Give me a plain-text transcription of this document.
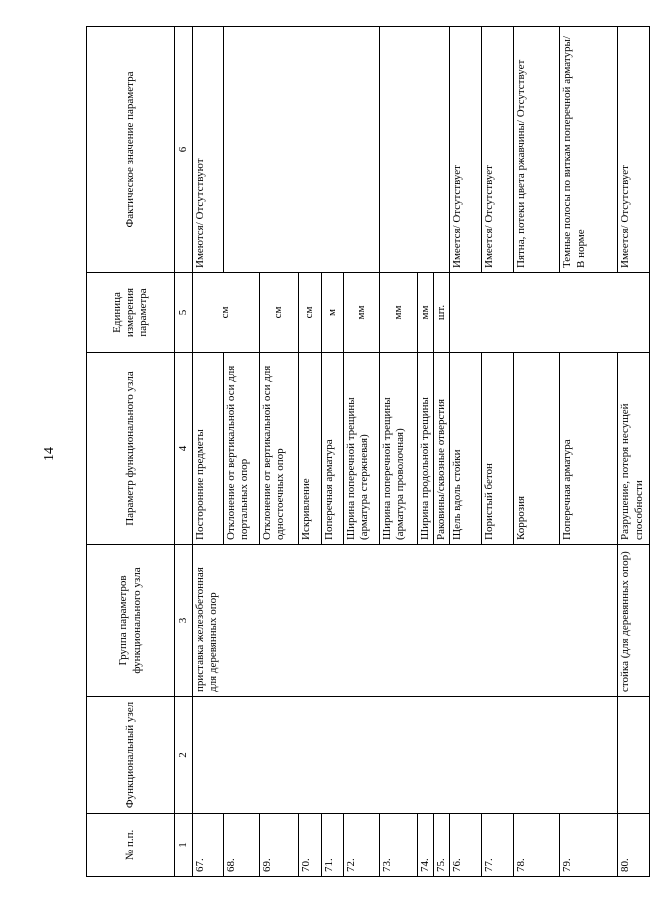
14
№ п.п.	Функциональный узел	Группа параметров функционального узла	Параметр функционального узла	Единица измерения параметра	Фактическое значение параметра
1	2	3	4	5	6
67.		приставка железобетонная для деревянных опор	Посторонние предметы	см	Имеются/ Отсутствуют
68.			Отклонение от вертикальной оси для портальных опор		
69.			Отклонение от вертикальной оси для одностоечных опор	см	
70.			Искривление	см	
71.			Поперечная арматура	м	
72.			Ширина поперечной трещины (арматура стержневая)	мм	
73.			Ширина поперечной трещины (арматура проволочная)	мм	
74.			Ширина продольной трещины	мм	
75.			Раковины/сквозные отверстия	шт.	
76.			Щель вдоль стойки		Имеется/ Отсутствует
77.			Пористый бетон		Имеется/ Отсутствует
78.			Коррозия		Пятна, потеки цвета ржавчины/ Отсутствует
79.			Поперечная арматура		Темные полосы по виткам поперечной арматуры/ В норме
80.		стойка (для деревянных опор)	Разрушение, потеря несущей способности		Имеется/ Отсутствует
